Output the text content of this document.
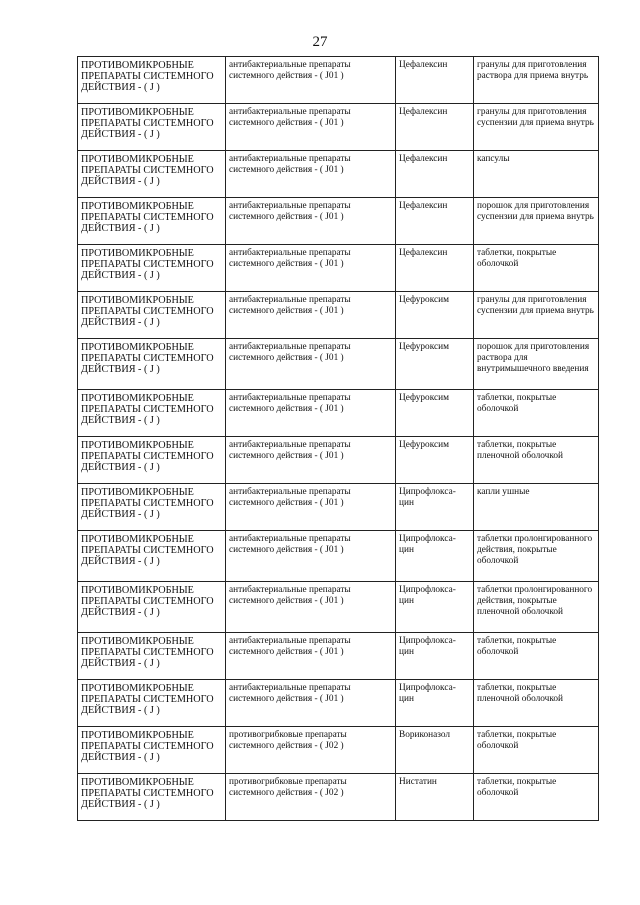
27
ПРОТИВОМИКРОБНЫЕ ПРЕПАРАТЫ СИСТЕМНОГО ДЕЙСТВИЯ - ( J )	антибактериальные препараты системного действия - ( J01 )	Цефалексин	гранулы для приготовления раствора для приема внутрь
ПРОТИВОМИКРОБНЫЕ ПРЕПАРАТЫ СИСТЕМНОГО ДЕЙСТВИЯ - ( J )	антибактериальные препараты системного действия - ( J01 )	Цефалексин	гранулы для приготовления суспензии для приема внутрь
ПРОТИВОМИКРОБНЫЕ ПРЕПАРАТЫ СИСТЕМНОГО ДЕЙСТВИЯ - ( J )	антибактериальные препараты системного действия - ( J01 )	Цефалексин	капсулы
ПРОТИВОМИКРОБНЫЕ ПРЕПАРАТЫ СИСТЕМНОГО ДЕЙСТВИЯ - ( J )	антибактериальные препараты системного действия - ( J01 )	Цефалексин	порошок для приготовления суспензии для приема внутрь
ПРОТИВОМИКРОБНЫЕ ПРЕПАРАТЫ СИСТЕМНОГО ДЕЙСТВИЯ - ( J )	антибактериальные препараты системного действия - ( J01 )	Цефалексин	таблетки, покрытые оболочкой
ПРОТИВОМИКРОБНЫЕ ПРЕПАРАТЫ СИСТЕМНОГО ДЕЙСТВИЯ - ( J )	антибактериальные препараты системного действия - ( J01 )	Цефуроксим	гранулы для приготовления суспензии для приема внутрь
ПРОТИВОМИКРОБНЫЕ ПРЕПАРАТЫ СИСТЕМНОГО ДЕЙСТВИЯ - ( J )	антибактериальные препараты системного действия - ( J01 )	Цефуроксим	порошок для приготовления раствора для внутримышечного введения
ПРОТИВОМИКРОБНЫЕ ПРЕПАРАТЫ СИСТЕМНОГО ДЕЙСТВИЯ - ( J )	антибактериальные препараты системного действия - ( J01 )	Цефуроксим	таблетки, покрытые оболочкой
ПРОТИВОМИКРОБНЫЕ ПРЕПАРАТЫ СИСТЕМНОГО ДЕЙСТВИЯ - ( J )	антибактериальные препараты системного действия - ( J01 )	Цефуроксим	таблетки, покрытые пленочной оболочкой
ПРОТИВОМИКРОБНЫЕ ПРЕПАРАТЫ СИСТЕМНОГО ДЕЙСТВИЯ - ( J )	антибактериальные препараты системного действия - ( J01 )	Ципрофлокса-цин	капли ушные
ПРОТИВОМИКРОБНЫЕ ПРЕПАРАТЫ СИСТЕМНОГО ДЕЙСТВИЯ - ( J )	антибактериальные препараты системного действия - ( J01 )	Ципрофлокса-цин	таблетки пролонгированного действия, покрытые оболочкой
ПРОТИВОМИКРОБНЫЕ ПРЕПАРАТЫ СИСТЕМНОГО ДЕЙСТВИЯ - ( J )	антибактериальные препараты системного действия - ( J01 )	Ципрофлокса-цин	таблетки пролонгированного действия, покрытые пленочной оболочкой
ПРОТИВОМИКРОБНЫЕ ПРЕПАРАТЫ СИСТЕМНОГО ДЕЙСТВИЯ - ( J )	антибактериальные препараты системного действия - ( J01 )	Ципрофлокса-цин	таблетки, покрытые оболочкой
ПРОТИВОМИКРОБНЫЕ ПРЕПАРАТЫ СИСТЕМНОГО ДЕЙСТВИЯ - ( J )	антибактериальные препараты системного действия - ( J01 )	Ципрофлокса-цин	таблетки, покрытые пленочной оболочкой
ПРОТИВОМИКРОБНЫЕ ПРЕПАРАТЫ СИСТЕМНОГО ДЕЙСТВИЯ - ( J )	противогрибковые препараты системного действия - ( J02 )	Вориконазол	таблетки, покрытые оболочкой
ПРОТИВОМИКРОБНЫЕ ПРЕПАРАТЫ СИСТЕМНОГО ДЕЙСТВИЯ - ( J )	противогрибковые препараты системного действия - ( J02 )	Нистатин	таблетки, покрытые оболочкой
